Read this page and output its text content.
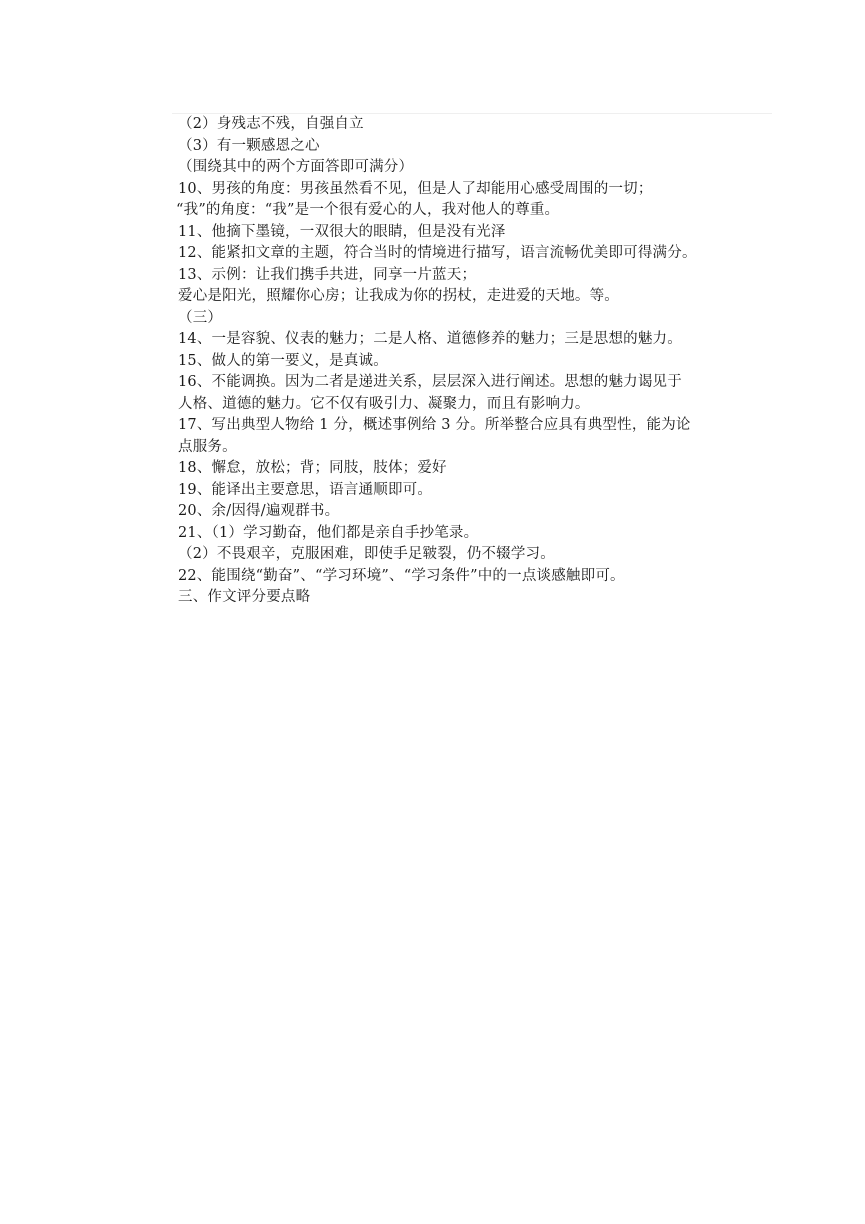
（2）身残志不残，自强自立
（3）有一颗感恩之心
（围绕其中的两个方面答即可满分）
10、男孩的角度：男孩虽然看不见，但是人了却能用心感受周围的一切；
“我”的角度：“我”是一个很有爱心的人，我对他人的尊重。
11、他摘下墨镜，一双很大的眼睛，但是没有光泽
12、能紧扣文章的主题，符合当时的情境进行描写，语言流畅优美即可得满分。
13、示例：让我们携手共进，同享一片蓝天；
爱心是阳光，照耀你心房；让我成为你的拐杖，走进爱的天地。等。
（三）
14、一是容貌、仪表的魅力；二是人格、道德修养的魅力；三是思想的魅力。
15、做人的第一要义，是真诚。
16、不能调换。因为二者是递进关系，层层深入进行阐述。思想的魅力谒见于
人格、道德的魅力。它不仅有吸引力、凝聚力，而且有影响力。
17、写出典型人物给 1 分，概述事例给 3 分。所举整合应具有典型性，能为论
点服务。
18、懈怠，放松；背；同肢，肢体；爱好
19、能译出主要意思，语言通顺即可。
20、余/因得/遍观群书。
21、（1）学习勤奋，他们都是亲自手抄笔录。
（2）不畏艰辛，克服困难，即使手足皲裂，仍不辍学习。
22、能围绕“勤奋”、“学习环境”、“学习条件”中的一点谈感触即可。
三、作文评分要点略
